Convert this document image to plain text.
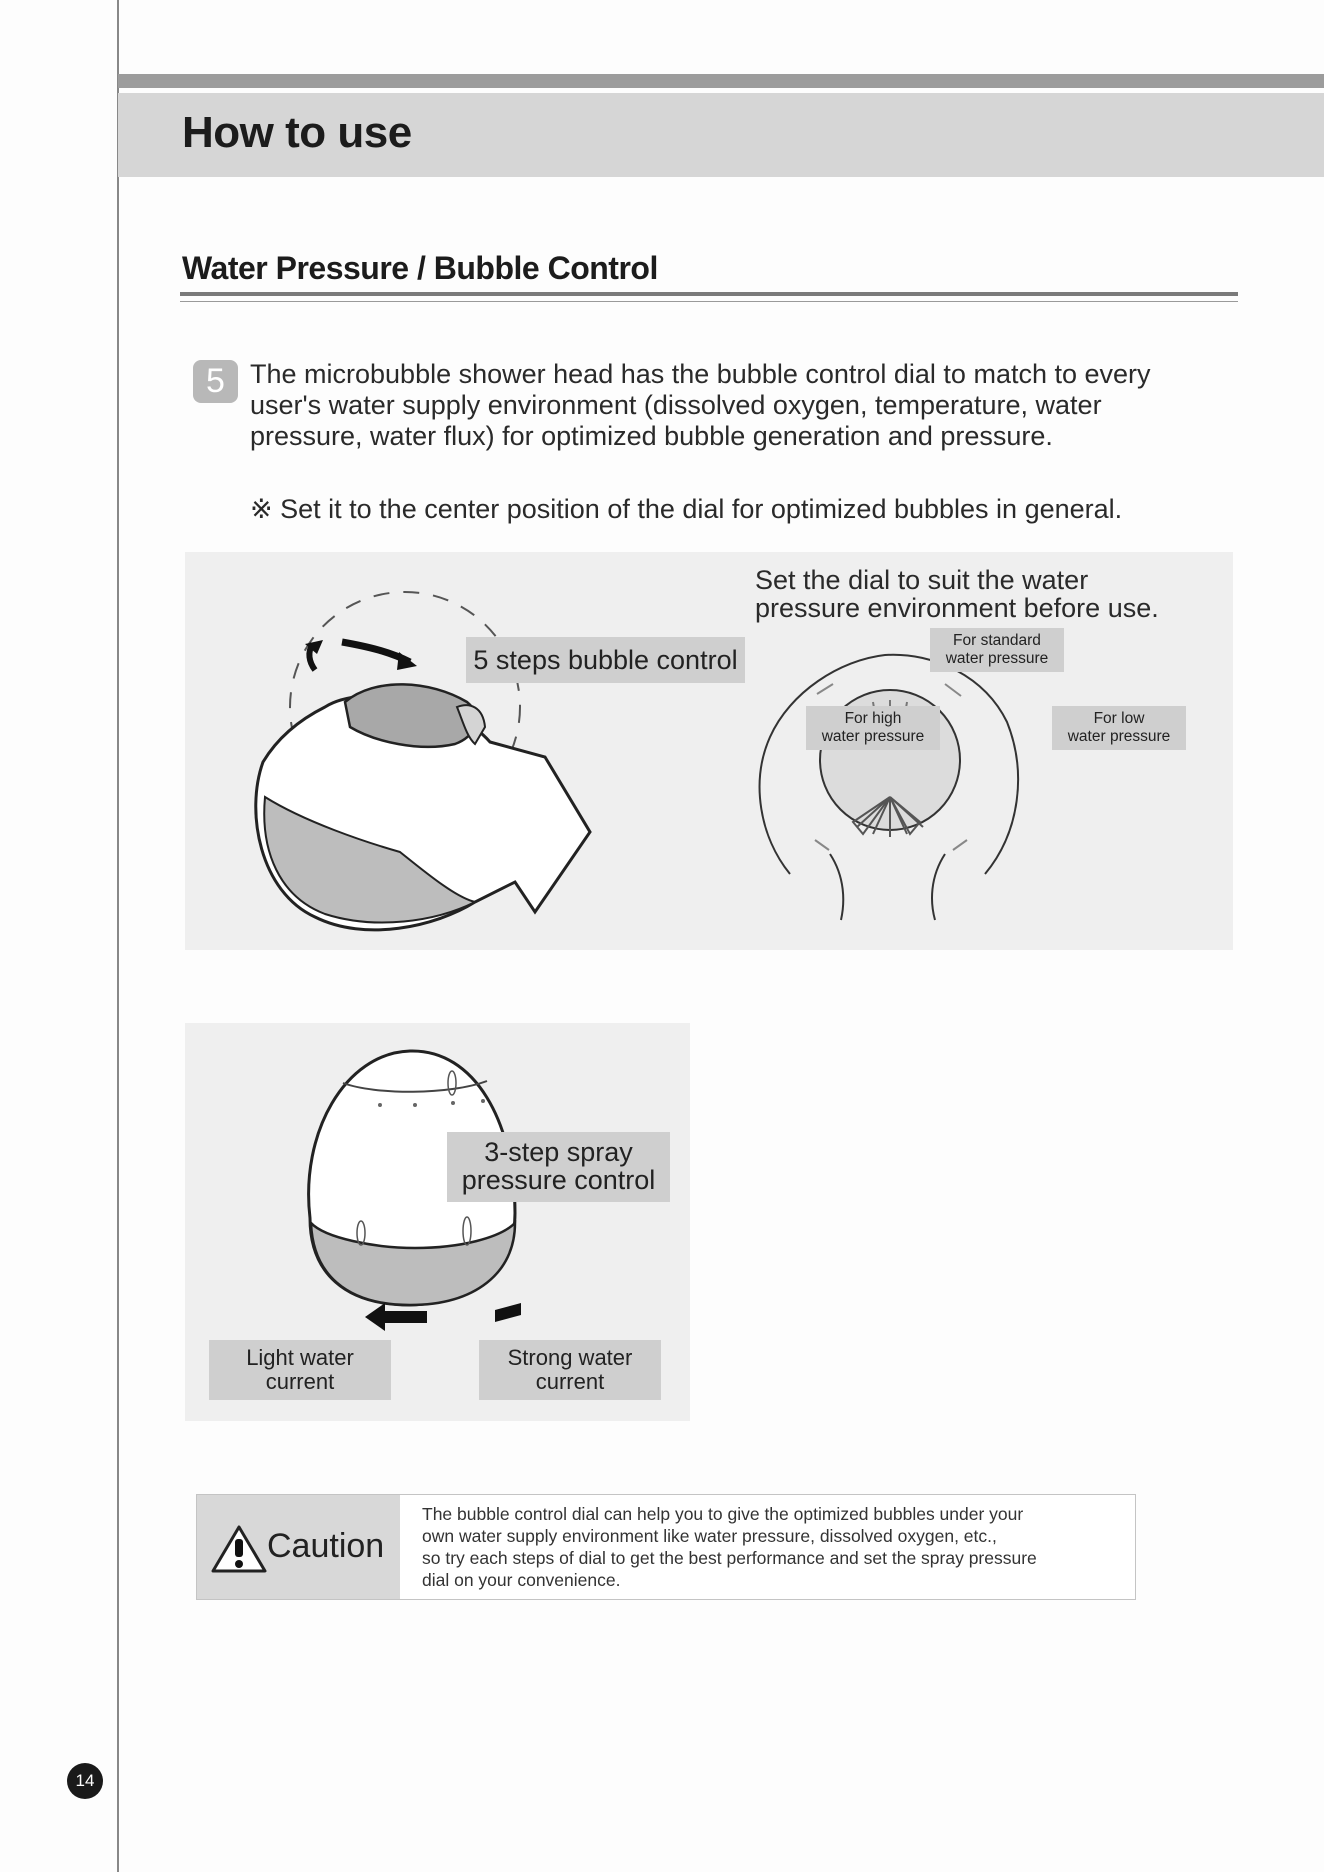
How to use
Water Pressure / Bubble Control
5 The microbubble shower head has the bubble control dial to match to every user's water supply environment (dissolved oxygen, temperature, water pressure, water flux) for optimized bubble generation and pressure.
※ Set it to the center position of the dial for optimized bubbles in general.
5 steps bubble control
Set the dial to suit the water pressure environment before use.
For standard
water pressure
For high
water pressure
For low
water pressure
3-step spray
pressure control
Light water
current
Strong water
current
Caution
The bubble control dial can help you to give the optimized bubbles under your
own water supply environment like water pressure, dissolved oxygen, etc.,
so try each steps of dial to get the best performance and set the spray pressure
dial on your convenience.
14
